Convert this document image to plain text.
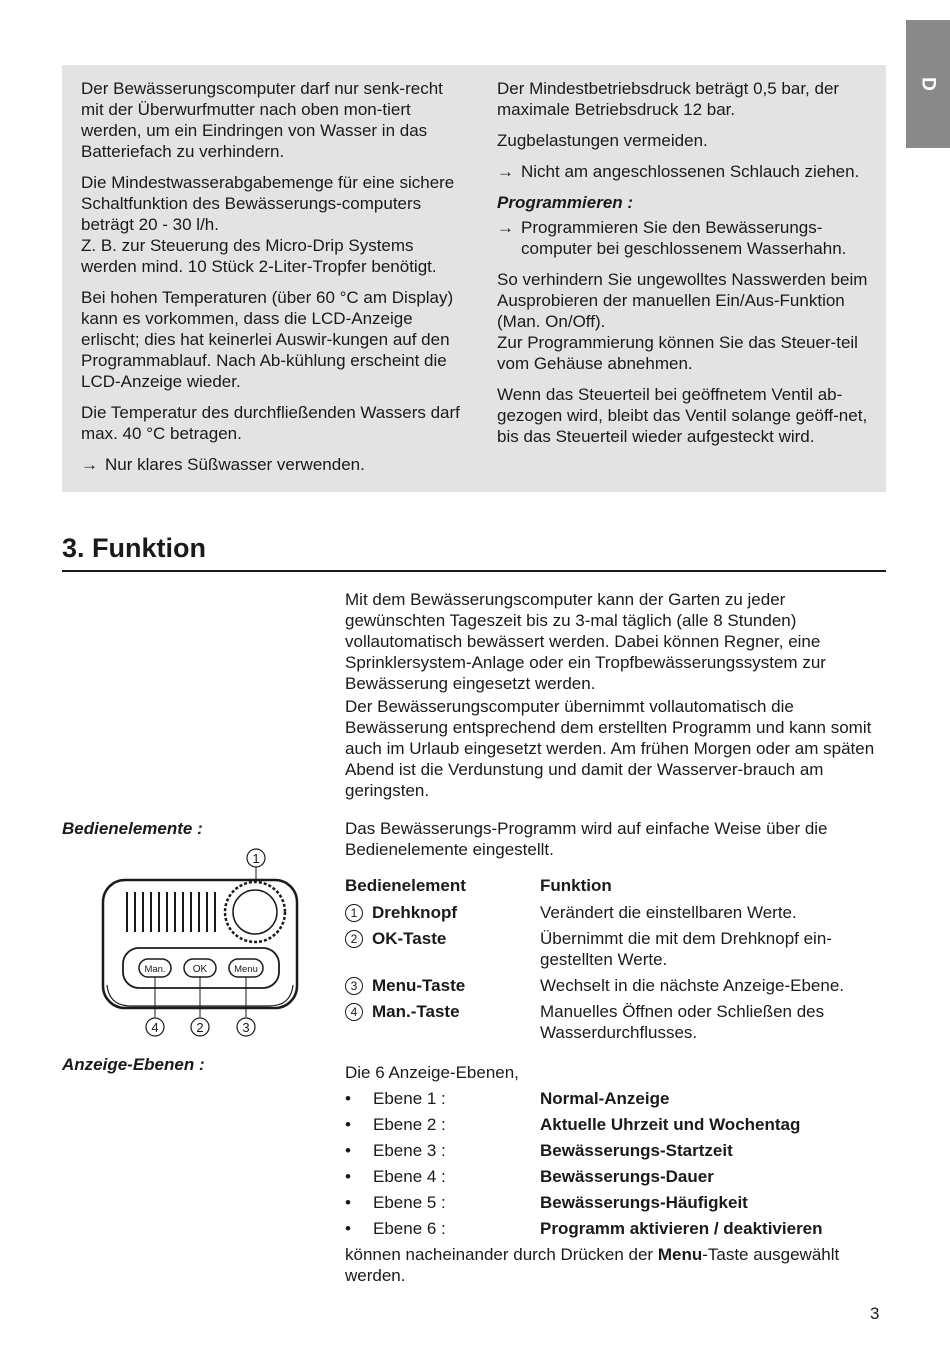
D

Der Bewässerungscomputer darf nur senk-recht mit der Überwurfmutter nach oben mon-tiert werden, um ein Eindringen von Wasser in das Batteriefach zu verhindern.

Die Mindestwasserabgabemenge für eine sichere Schaltfunktion des Bewässerungs-computers beträgt 20 - 30 l/h.
Z. B. zur Steuerung des Micro-Drip Systems werden mind. 10 Stück 2-Liter-Tropfer benötigt.

Bei hohen Temperaturen (über 60 °C am Display) kann es vorkommen, dass die LCD-Anzeige erlischt; dies hat keinerlei Auswir-kungen auf den Programmablauf. Nach Ab-kühlung erscheint die LCD-Anzeige wieder.

Die Temperatur des durchfließenden Wassers darf max. 40 °C betragen.

→ Nur klares Süßwasser verwenden.

Der Mindestbetriebsdruck beträgt 0,5 bar, der maximale Betriebsdruck 12 bar.

Zugbelastungen vermeiden.

→ Nicht am angeschlossenen Schlauch ziehen.
Programmieren :
→ Programmieren Sie den Bewässerungs-computer bei geschlossenem Wasserhahn.

So verhindern Sie ungewolltes Nasswerden beim Ausprobieren der manuellen Ein/Aus-Funktion (Man. On/Off).
Zur Programmierung können Sie das Steuer-teil vom Gehäuse abnehmen.

Wenn das Steuerteil bei geöffnetem Ventil ab-gezogen wird, bleibt das Ventil solange geöff-net, bis das Steuerteil wieder aufgesteckt wird.

3. Funktion

Mit dem Bewässerungscomputer kann der Garten zu jeder gewünschten Tageszeit bis zu 3-mal täglich (alle 8 Stunden) vollautomatisch bewässert werden. Dabei können Regner, eine Sprinklersystem-Anlage oder ein Tropfbewässerungssystem zur Bewässerung eingesetzt werden.

Der Bewässerungscomputer übernimmt vollautomatisch die Bewässerung entsprechend dem erstellten Programm und kann somit auch im Urlaub eingesetzt werden. Am frühen Morgen oder am späten Abend ist die Verdunstung und damit der Wasserver-brauch am geringsten.

Bedienelemente :	Das Bewässerungs-Programm wird auf einfache Weise über die Bedienelemente eingestellt.
Bedienelement	Funktion
1 Drehknopf	Verändert die einstellbaren Werte.
2 OK-Taste	Übernimmt die mit dem Drehknopf ein-gestellten Werte.
3 Menu-Taste	Wechselt in die nächste Anzeige-Ebene.
4 Man.-Taste	Manuelles Öffnen oder Schließen des Wasserdurchflusses.
1
Man.	OK	Menu
4	2	3
Anzeige-Ebenen :	Die 6 Anzeige-Ebenen,
• Ebene 1 :	Normal-Anzeige
• Ebene 2 :	Aktuelle Uhrzeit und Wochentag
• Ebene 3 :	Bewässerungs-Startzeit
• Ebene 4 :	Bewässerungs-Dauer
• Ebene 5 :	Bewässerungs-Häufigkeit
• Ebene 6 :	Programm aktivieren / deaktivieren
können nacheinander durch Drücken der Menu-Taste ausgewählt werden.
3
